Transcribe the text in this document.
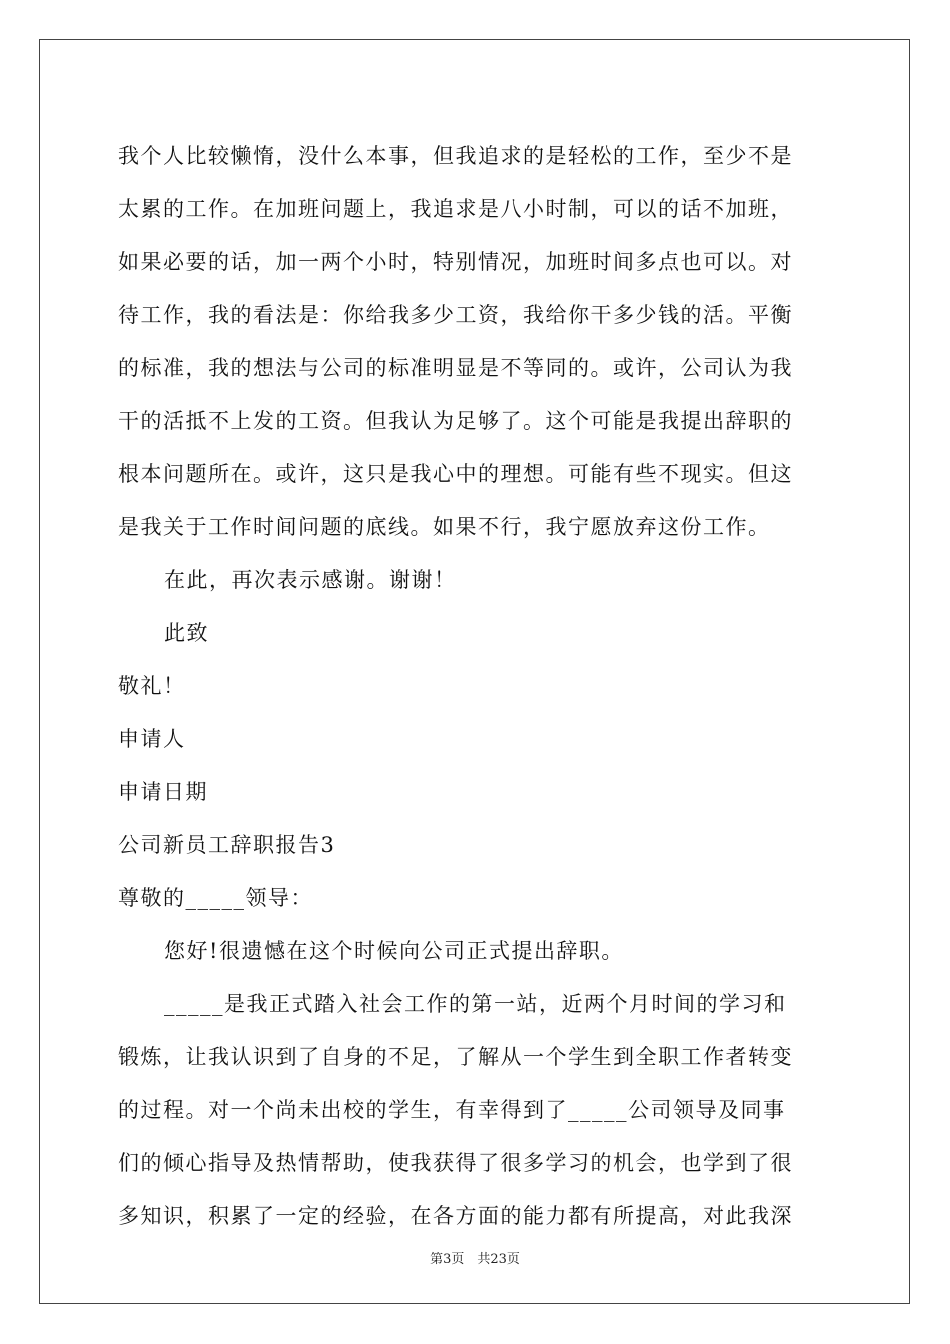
我个人比较懒惰，没什么本事，但我追求的是轻松的工作，至少不是
太累的工作。在加班问题上，我追求是八小时制，可以的话不加班，
如果必要的话，加一两个小时，特别情况，加班时间多点也可以。对
待工作，我的看法是：你给我多少工资，我给你干多少钱的活。平衡
的标准，我的想法与公司的标准明显是不等同的。或许，公司认为我
干的活抵不上发的工资。但我认为足够了。这个可能是我提出辞职的
根本问题所在。或许，这只是我心中的理想。可能有些不现实。但这
是我关于工作时间问题的底线。如果不行，我宁愿放弃这份工作。
在此，再次表示感谢。谢谢！
此致
敬礼！
申请人
申请日期
公司新员工辞职报告3
尊敬的_____领导：
您好!很遗憾在这个时候向公司正式提出辞职。
_____是我正式踏入社会工作的第一站，近两个月时间的学习和
锻炼，让我认识到了自身的不足，了解从一个学生到全职工作者转变
的过程。对一个尚未出校的学生，有幸得到了_____公司领导及同事
们的倾心指导及热情帮助，使我获得了很多学习的机会，也学到了很
多知识，积累了一定的经验，在各方面的能力都有所提高，对此我深
第3页　共23页
